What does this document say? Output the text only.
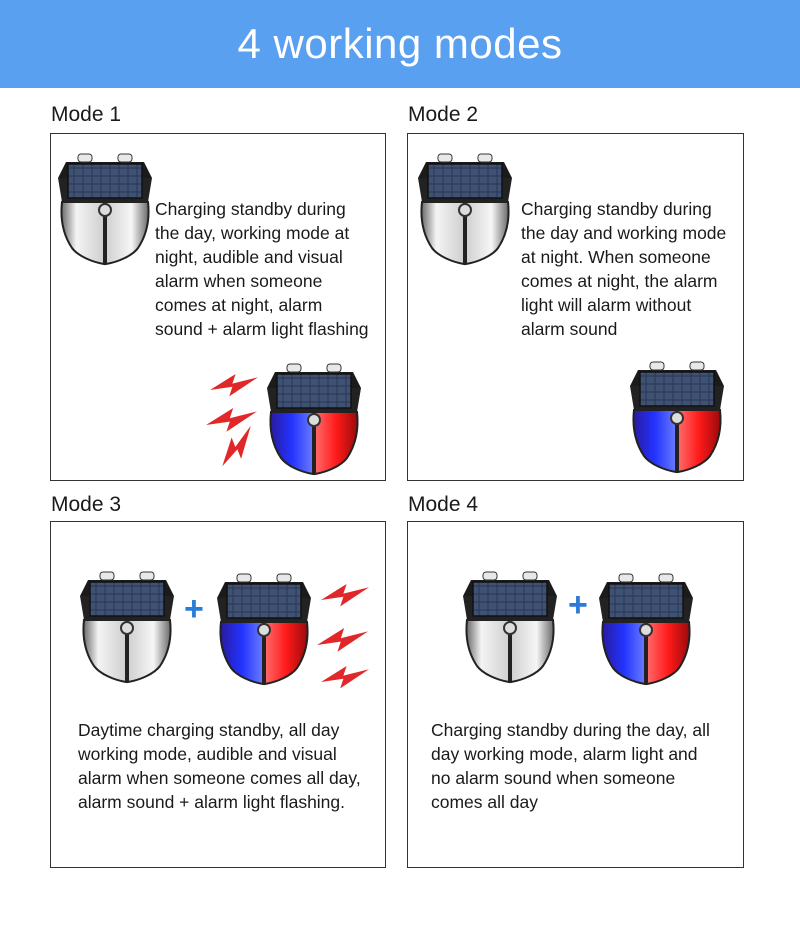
4 working modes
Mode 1	Mode 2
Mode 3	Mode 4
Charging standby during
the day, working mode at
night, audible and visual
alarm when someone
comes at night, alarm
sound + alarm light flashing
Charging standby during
the day and working mode
at night. When someone
comes at night, the alarm
light will alarm without
alarm sound
+
Daytime charging standby, all day
working mode, audible and visual
alarm when someone comes all day,
alarm sound + alarm light flashing.
+
Charging standby during the day, all
day working mode, alarm light and
no alarm sound when someone
comes all day
